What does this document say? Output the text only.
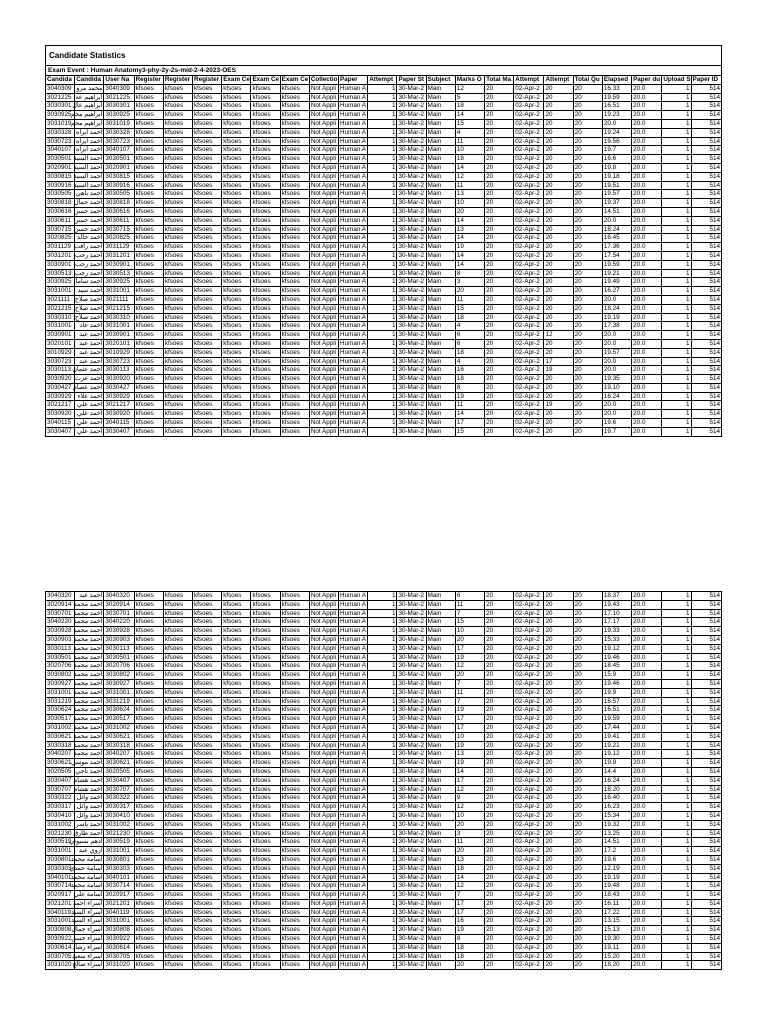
Candidate Statistics
Exam Event : Human Anatomy3-phy-2y-2s-mid-2-4-2023-OES
Candida	Candida	User Na	Register	Register	Register	Exam Ce	Exam Ce	Exam Ce	Collectio	Paper	Attempt	Paper St	Subject	Marks O	Total Ma	Attempt	Attempt	Total Qu	Elapsed	Paper du	Upload S	Paper ID
3040309	محمد مرو	3040309	kfsoes	kfsoes	kfsoes	kfsoes	kfsoes	kfsoes	Not Appli	Human A	1	30-Mar-2	Main	12	20	02-Apr-2	20	20	16.33	20.0	1	514
3021225	ابراهيم عه	3021225	kfsoes	kfsoes	kfsoes	kfsoes	kfsoes	kfsoes	Not Appli	Human A	1	30-Mar-2	Main	5	20	02-Apr-2	20	20	19.59	20.0	1	514
3030301	ابراهيم عال	3030301	kfsoes	kfsoes	kfsoes	kfsoes	kfsoes	kfsoes	Not Appli	Human A	1	30-Mar-2	Main	18	20	02-Apr-2	20	20	16.51	20.0	1	514
3030925	ابراهيم محم	3030925	kfsoes	kfsoes	kfsoes	kfsoes	kfsoes	kfsoes	Not Appli	Human A	1	30-Mar-2	Main	14	20	02-Apr-2	20	20	19.23	20.0	1	514
3031019	ابراهيم محم	3031019	kfsoes	kfsoes	kfsoes	kfsoes	kfsoes	kfsoes	Not Appli	Human A	1	30-Mar-2	Main	15	20	02-Apr-2	20	20	20.0	20.0	1	514
3030328	احمد ابراه	3030328	kfsoes	kfsoes	kfsoes	kfsoes	kfsoes	kfsoes	Not Appli	Human A	1	30-Mar-2	Main	4	20	02-Apr-2	20	20	19.24	20.0	1	514
3030723	احمد ابراه	3030723	kfsoes	kfsoes	kfsoes	kfsoes	kfsoes	kfsoes	Not Appli	Human A	1	30-Mar-2	Main	11	20	02-Apr-2	20	20	19.56	20.0	1	514
3040107	احمد ابراه	3040107	kfsoes	kfsoes	kfsoes	kfsoes	kfsoes	kfsoes	Not Appli	Human A	1	30-Mar-2	Main	10	20	02-Apr-2	20	20	19.7	20.0	1	514
3030501	احمد السيد	3030501	kfsoes	kfsoes	kfsoes	kfsoes	kfsoes	kfsoes	Not Appli	Human A	1	30-Mar-2	Main	18	20	02-Apr-2	20	20	16.6	20.0	1	514
3020901	احمد السيد	3020901	kfsoes	kfsoes	kfsoes	kfsoes	kfsoes	kfsoes	Not Appli	Human A	1	30-Mar-2	Main	14	20	02-Apr-2	20	20	19.8	20.0	1	514
3030815	احمد السيد	3030815	kfsoes	kfsoes	kfsoes	kfsoes	kfsoes	kfsoes	Not Appli	Human A	1	30-Mar-2	Main	12	20	02-Apr-2	20	20	19.18	20.0	1	514
3030916	احمد السيد	3030916	kfsoes	kfsoes	kfsoes	kfsoes	kfsoes	kfsoes	Not Appli	Human A	1	30-Mar-2	Main	11	20	02-Apr-2	20	20	19.51	20.0	1	514
3030505	احمد باهي	3030505	kfsoes	kfsoes	kfsoes	kfsoes	kfsoes	kfsoes	Not Appli	Human A	1	30-Mar-2	Main	13	20	02-Apr-2	20	20	19.57	20.0	1	514
3030818	احمد جمال	3030818	kfsoes	kfsoes	kfsoes	kfsoes	kfsoes	kfsoes	Not Appli	Human A	1	30-Mar-2	Main	10	20	02-Apr-2	20	20	19.37	20.0	1	514
3030616	احمد حسن	3030616	kfsoes	kfsoes	kfsoes	kfsoes	kfsoes	kfsoes	Not Appli	Human A	1	30-Mar-2	Main	20	20	02-Apr-2	20	20	14.51	20.0	1	514
3030611	احمد حسن	3030611	kfsoes	kfsoes	kfsoes	kfsoes	kfsoes	kfsoes	Not Appli	Human A	1	30-Mar-2	Main	14	20	02-Apr-2	20	20	20.0	20.0	1	514
3030715	احمد حسن	3030715	kfsoes	kfsoes	kfsoes	kfsoes	kfsoes	kfsoes	Not Appli	Human A	1	30-Mar-2	Main	13	20	02-Apr-2	20	20	18.24	20.0	1	514
3020825	احمد خالد	3020825	kfsoes	kfsoes	kfsoes	kfsoes	kfsoes	kfsoes	Not Appli	Human A	1	30-Mar-2	Main	14	20	02-Apr-2	20	20	16.45	20.0	1	514
3031129	احمد رأفت	3031129	kfsoes	kfsoes	kfsoes	kfsoes	kfsoes	kfsoes	Not Appli	Human A	1	30-Mar-2	Main	19	20	02-Apr-2	20	20	17.36	20.0	1	514
3031201	احمد رجب	3031201	kfsoes	kfsoes	kfsoes	kfsoes	kfsoes	kfsoes	Not Appli	Human A	1	30-Mar-2	Main	14	20	02-Apr-2	20	20	17.54	20.0	1	514
3030901	احمد رجب	3030901	kfsoes	kfsoes	kfsoes	kfsoes	kfsoes	kfsoes	Not Appli	Human A	1	30-Mar-2	Main	14	20	02-Apr-2	20	20	19.59	20.0	1	514
3030513	احمد رجب	3030513	kfsoes	kfsoes	kfsoes	kfsoes	kfsoes	kfsoes	Not Appli	Human A	1	30-Mar-2	Main	8	20	02-Apr-2	20	20	19.21	20.0	1	514
3030925	احمد ساما	3030925	kfsoes	kfsoes	kfsoes	kfsoes	kfsoes	kfsoes	Not Appli	Human A	1	30-Mar-2	Main	3	20	02-Apr-2	20	20	19.49	20.0	1	514
3031001	احمد سيد	3031001	kfsoes	kfsoes	kfsoes	kfsoes	kfsoes	kfsoes	Not Appli	Human A	1	30-Mar-2	Main	20	20	02-Apr-2	20	20	16.27	20.0	1	514
3021111	احمد صلاح	3021111	kfsoes	kfsoes	kfsoes	kfsoes	kfsoes	kfsoes	Not Appli	Human A	1	30-Mar-2	Main	11	20	02-Apr-2	20	20	20.0	20.0	1	514
3021215	احمد صلاح	3021215	kfsoes	kfsoes	kfsoes	kfsoes	kfsoes	kfsoes	Not Appli	Human A	1	30-Mar-2	Main	15	20	02-Apr-2	20	20	18.24	20.0	1	514
3030310	احمد صلاح	3030310	kfsoes	kfsoes	kfsoes	kfsoes	kfsoes	kfsoes	Not Appli	Human A	1	30-Mar-2	Main	18	20	02-Apr-2	20	20	19.19	20.0	1	514
3031001	احمد عاد	3031001	kfsoes	kfsoes	kfsoes	kfsoes	kfsoes	kfsoes	Not Appli	Human A	1	30-Mar-2	Main	4	20	02-Apr-2	20	20	17.38	20.0	1	514
3030901	احمد عبد	3030901	kfsoes	kfsoes	kfsoes	kfsoes	kfsoes	kfsoes	Not Appli	Human A	1	30-Mar-2	Main	6	20	02-Apr-2	12	20	20.0	20.0	1	514
3020101	احمد عبد	3020101	kfsoes	kfsoes	kfsoes	kfsoes	kfsoes	kfsoes	Not Appli	Human A	1	30-Mar-2	Main	6	20	02-Apr-2	20	20	20.0	20.0	1	514
3010929	احمد عبد	3010929	kfsoes	kfsoes	kfsoes	kfsoes	kfsoes	kfsoes	Not Appli	Human A	1	30-Mar-2	Main	18	20	02-Apr-2	20	20	19.57	20.0	1	514
3030723	احمد عبد	3030723	kfsoes	kfsoes	kfsoes	kfsoes	kfsoes	kfsoes	Not Appli	Human A	1	30-Mar-2	Main	4	20	02-Apr-2	17	20	20.0	20.0	1	514
3030113	احمد عثمان	3030113	kfsoes	kfsoes	kfsoes	kfsoes	kfsoes	kfsoes	Not Appli	Human A	1	30-Mar-2	Main	16	20	02-Apr-2	19	20	20.0	20.0	1	514
3030920	احمد عزت	3030920	kfsoes	kfsoes	kfsoes	kfsoes	kfsoes	kfsoes	Not Appli	Human A	1	30-Mar-2	Main	18	20	02-Apr-2	20	20	19.35	20.0	1	514
3030427	احمد عصام	3030427	kfsoes	kfsoes	kfsoes	kfsoes	kfsoes	kfsoes	Not Appli	Human A	1	30-Mar-2	Main	8	20	02-Apr-2	20	20	19.10	20.0	1	514
3030929	احمد علاء	3030929	kfsoes	kfsoes	kfsoes	kfsoes	kfsoes	kfsoes	Not Appli	Human A	1	30-Mar-2	Main	19	20	02-Apr-2	20	20	16.24	20.0	1	514
3021217	احمد علي	3021217	kfsoes	kfsoes	kfsoes	kfsoes	kfsoes	kfsoes	Not Appli	Human A	1	30-Mar-2	Main	11	20	02-Apr-2	19	20	20.0	20.0	1	514
3030920	احمد علي	3030920	kfsoes	kfsoes	kfsoes	kfsoes	kfsoes	kfsoes	Not Appli	Human A	1	30-Mar-2	Main	14	20	02-Apr-2	20	20	20.0	20.0	1	514
3040115	احمد علي	3040115	kfsoes	kfsoes	kfsoes	kfsoes	kfsoes	kfsoes	Not Appli	Human A	1	30-Mar-2	Main	17	20	02-Apr-2	20	20	19.6	20.0	1	514
3030407	احمد علي	3030407	kfsoes	kfsoes	kfsoes	kfsoes	kfsoes	kfsoes	Not Appli	Human A	1	30-Mar-2	Main	15	20	02-Apr-2	20	20	19.7	20.0	1	514
3040320	احمد عبد	3040320	kfsoes	kfsoes	kfsoes	kfsoes	kfsoes	kfsoes	Not Appli	Human A	1	30-Mar-2	Main	6	20	02-Apr-2	20	20	18.37	20.0	1	514
3020914	احمد محمد	3020914	kfsoes	kfsoes	kfsoes	kfsoes	kfsoes	kfsoes	Not Appli	Human A	1	30-Mar-2	Main	11	20	02-Apr-2	20	20	19.43	20.0	1	514
3030701	احمد محمد	3030701	kfsoes	kfsoes	kfsoes	kfsoes	kfsoes	kfsoes	Not Appli	Human A	1	30-Mar-2	Main	7	20	02-Apr-2	20	20	17.10	20.0	1	514
3040220	احمد محمد	3040220	kfsoes	kfsoes	kfsoes	kfsoes	kfsoes	kfsoes	Not Appli	Human A	1	30-Mar-2	Main	15	20	02-Apr-2	20	20	17.17	20.0	1	514
3030928	احمد محمد	3030928	kfsoes	kfsoes	kfsoes	kfsoes	kfsoes	kfsoes	Not Appli	Human A	1	30-Mar-2	Main	10	20	02-Apr-2	20	20	19.33	20.0	1	514
3030903	احمد محمد	3030903	kfsoes	kfsoes	kfsoes	kfsoes	kfsoes	kfsoes	Not Appli	Human A	1	30-Mar-2	Main	20	20	02-Apr-2	20	20	15.33	20.0	1	514
3030113	احمد محمد	3030113	kfsoes	kfsoes	kfsoes	kfsoes	kfsoes	kfsoes	Not Appli	Human A	1	30-Mar-2	Main	17	20	02-Apr-2	20	20	19.12	20.0	1	514
3030501	احمد محمد	3030501	kfsoes	kfsoes	kfsoes	kfsoes	kfsoes	kfsoes	Not Appli	Human A	1	30-Mar-2	Main	19	20	02-Apr-2	20	20	19.46	20.0	1	514
3020706	احمد محمد	3020706	kfsoes	kfsoes	kfsoes	kfsoes	kfsoes	kfsoes	Not Appli	Human A	1	30-Mar-2	Main	12	20	02-Apr-2	20	20	18.45	20.0	1	514
3030802	احمد محمد	3030802	kfsoes	kfsoes	kfsoes	kfsoes	kfsoes	kfsoes	Not Appli	Human A	1	30-Mar-2	Main	20	20	02-Apr-2	20	20	15.9	20.0	1	514
3030927	احمد محمد	3030927	kfsoes	kfsoes	kfsoes	kfsoes	kfsoes	kfsoes	Not Appli	Human A	1	30-Mar-2	Main	7	20	02-Apr-2	20	20	19.46	20.0	1	514
3031001	احمد محمد	3031001	kfsoes	kfsoes	kfsoes	kfsoes	kfsoes	kfsoes	Not Appli	Human A	1	30-Mar-2	Main	11	20	02-Apr-2	20	20	19.9	20.0	1	514
3031219	احمد محمد	3031219	kfsoes	kfsoes	kfsoes	kfsoes	kfsoes	kfsoes	Not Appli	Human A	1	30-Mar-2	Main	7	20	02-Apr-2	20	20	18.57	20.0	1	514
3030624	احمد محمد	3030624	kfsoes	kfsoes	kfsoes	kfsoes	kfsoes	kfsoes	Not Appli	Human A	1	30-Mar-2	Main	19	20	02-Apr-2	20	20	16.51	20.0	1	514
3030517	احمد محمد	3030517	kfsoes	kfsoes	kfsoes	kfsoes	kfsoes	kfsoes	Not Appli	Human A	1	30-Mar-2	Main	17	20	02-Apr-2	20	20	19.59	20.0	1	514
3031002	احمد محمد	3031002	kfsoes	kfsoes	kfsoes	kfsoes	kfsoes	kfsoes	Not Appli	Human A	1	30-Mar-2	Main	17	20	02-Apr-2	20	20	17.44	20.0	1	514
3030621	احمد محمد	3030621	kfsoes	kfsoes	kfsoes	kfsoes	kfsoes	kfsoes	Not Appli	Human A	1	30-Mar-2	Main	10	20	02-Apr-2	20	20	19.41	20.0	1	514
3030318	احمد محمد	3030318	kfsoes	kfsoes	kfsoes	kfsoes	kfsoes	kfsoes	Not Appli	Human A	1	30-Mar-2	Main	19	20	02-Apr-2	20	20	19.21	20.0	1	514
3040207	احمد محمد	3040207	kfsoes	kfsoes	kfsoes	kfsoes	kfsoes	kfsoes	Not Appli	Human A	1	30-Mar-2	Main	13	20	02-Apr-2	20	20	19.12	20.0	1	514
3030621	احمد موسي	3030621	kfsoes	kfsoes	kfsoes	kfsoes	kfsoes	kfsoes	Not Appli	Human A	1	30-Mar-2	Main	19	20	02-Apr-2	20	20	19.9	20.0	1	514
3020505	احمد ناجي	3020505	kfsoes	kfsoes	kfsoes	kfsoes	kfsoes	kfsoes	Not Appli	Human A	1	30-Mar-2	Main	14	20	02-Apr-2	20	20	14.4	20.0	1	514
3030407	احمد هشام	3030407	kfsoes	kfsoes	kfsoes	kfsoes	kfsoes	kfsoes	Not Appli	Human A	1	30-Mar-2	Main	17	20	02-Apr-2	20	20	16.24	20.0	1	514
3030707	احمد هشام	3030707	kfsoes	kfsoes	kfsoes	kfsoes	kfsoes	kfsoes	Not Appli	Human A	1	30-Mar-2	Main	12	20	02-Apr-2	20	20	18.20	20.0	1	514
3030322	احمد وائل	3030322	kfsoes	kfsoes	kfsoes	kfsoes	kfsoes	kfsoes	Not Appli	Human A	1	30-Mar-2	Main	9	20	02-Apr-2	20	20	16.40	20.0	1	514
3030317	احمد وائل	3030317	kfsoes	kfsoes	kfsoes	kfsoes	kfsoes	kfsoes	Not Appli	Human A	1	30-Mar-2	Main	12	20	02-Apr-2	20	20	16.23	20.0	1	514
3030410	احمد وائل	3030410	kfsoes	kfsoes	kfsoes	kfsoes	kfsoes	kfsoes	Not Appli	Human A	1	30-Mar-2	Main	10	20	02-Apr-2	20	20	15.34	20.0	1	514
3031002	احمد ياسر	3031002	kfsoes	kfsoes	kfsoes	kfsoes	kfsoes	kfsoes	Not Appli	Human A	1	30-Mar-2	Main	20	20	02-Apr-2	20	20	19.32	20.0	1	514
3021230	احمد طارق	3021230	kfsoes	kfsoes	kfsoes	kfsoes	kfsoes	kfsoes	Not Appli	Human A	1	30-Mar-2	Main	3	20	02-Apr-2	20	20	13.25	20.0	1	514
3030519	ادهم بسيوني	3030519	kfsoes	kfsoes	kfsoes	kfsoes	kfsoes	kfsoes	Not Appli	Human A	1	30-Mar-2	Main	11	20	02-Apr-2	20	20	14.51	20.0	1	514
3031001	اروي عبد	3031001	kfsoes	kfsoes	kfsoes	kfsoes	kfsoes	kfsoes	Not Appli	Human A	1	30-Mar-2	Main	20	20	02-Apr-2	20	20	17.2	20.0	1	514
3030801	اسامة محمد	3030801	kfsoes	kfsoes	kfsoes	kfsoes	kfsoes	kfsoes	Not Appli	Human A	1	30-Mar-2	Main	13	20	02-Apr-2	20	20	19.6	20.0	1	514
3030303	اسامة حمدي	3030303	kfsoes	kfsoes	kfsoes	kfsoes	kfsoes	kfsoes	Not Appli	Human A	1	30-Mar-2	Main	18	20	02-Apr-2	20	20	12.19	20.0	1	514
3040101	اسامة محمد	3040101	kfsoes	kfsoes	kfsoes	kfsoes	kfsoes	kfsoes	Not Appli	Human A	1	30-Mar-2	Main	14	20	02-Apr-2	20	20	19.19	20.0	1	514
3030714	اسامة محمد	3030714	kfsoes	kfsoes	kfsoes	kfsoes	kfsoes	kfsoes	Not Appli	Human A	1	30-Mar-2	Main	12	20	02-Apr-2	20	20	19.48	20.0	1	514
3020917	اسامة علي	3020917	kfsoes	kfsoes	kfsoes	kfsoes	kfsoes	kfsoes	Not Appli	Human A	1	30-Mar-2	Main	7	20	02-Apr-2	20	20	18.43	20.0	1	514
3021201	اسراء احمد	3021201	kfsoes	kfsoes	kfsoes	kfsoes	kfsoes	kfsoes	Not Appli	Human A	1	30-Mar-2	Main	17	20	02-Apr-2	20	20	16.11	20.0	1	514
3040119	اسراء السيد	3040119	kfsoes	kfsoes	kfsoes	kfsoes	kfsoes	kfsoes	Not Appli	Human A	1	30-Mar-2	Main	17	20	02-Apr-2	20	20	17.22	20.0	1	514
3031001	اسراء السيد	3031001	kfsoes	kfsoes	kfsoes	kfsoes	kfsoes	kfsoes	Not Appli	Human A	1	30-Mar-2	Main	16	20	02-Apr-2	20	20	13.15	20.0	1	514
3030808	اسراء جمال	3030808	kfsoes	kfsoes	kfsoes	kfsoes	kfsoes	kfsoes	Not Appli	Human A	1	30-Mar-2	Main	19	20	02-Apr-2	20	20	15.13	20.0	1	514
3030922	اسراء حسن	3030922	kfsoes	kfsoes	kfsoes	kfsoes	kfsoes	kfsoes	Not Appli	Human A	1	30-Mar-2	Main	8	20	02-Apr-2	20	20	19.30	20.0	1	514
3030614	اسراء رشاد	3030614	kfsoes	kfsoes	kfsoes	kfsoes	kfsoes	kfsoes	Not Appli	Human A	1	30-Mar-2	Main	18	20	02-Apr-2	20	20	19.11	20.0	1	514
3030705	اسراء سعيد	3030705	kfsoes	kfsoes	kfsoes	kfsoes	kfsoes	kfsoes	Not Appli	Human A	1	30-Mar-2	Main	18	20	02-Apr-2	20	20	15.20	20.0	1	514
3031020	اسراء صالح	3031020	kfsoes	kfsoes	kfsoes	kfsoes	kfsoes	kfsoes	Not Appli	Human A	1	30-Mar-2	Main	20	20	02-Apr-2	20	20	18.20	20.0	1	514
